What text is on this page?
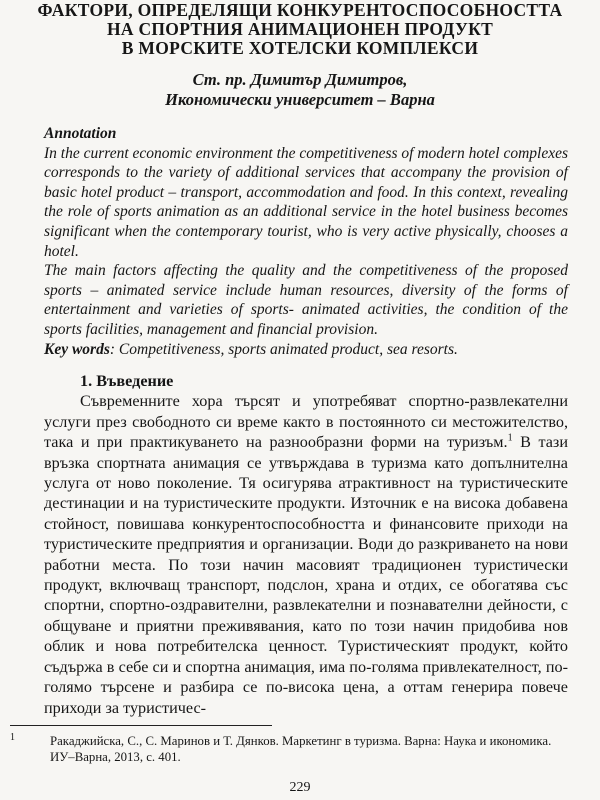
ФАКТОРИ, ОПРЕДЕЛЯЩИ КОНКУРЕНТОСПОСОБНОСТТА
НА СПОРТНИЯ АНИМАЦИОНЕН ПРОДУКТ
В МОРСКИТЕ ХОТЕЛСКИ КОМПЛЕКСИ
Ст. пр. Димитър Димитров,
Икономически университет – Варна

Annotation

In the current economic environment the competitiveness of modern hotel complexes corresponds to the variety of additional services that accompany the provision of basic hotel product – transport, accommodation and food. In this context, revealing the role of sports animation as an additional service in the hotel business becomes significant when the contemporary tourist, who is very active physically, chooses a hotel.

The main factors affecting the quality and the competitiveness of the proposed sports – animated service include human resources, diversity of the forms of entertainment and varieties of sports- animated activities, the condition of the sports facilities, management and financial provision.

Key words: Competitiveness, sports animated product, sea resorts.

1. Въведение

Съвременните хора търсят и употребяват спортно-развлекателни услуги през свободното си време както в постоянното си местожителство, така и при практикуването на разнообразни форми на туризъм.$^1$ В тази връзка спортната анимация се утвърждава в туризма като допълнителна услуга от ново поколение. Тя осигурява атрактивност на туристическите дестинации и на туристическите продукти. Източник е на висока добавена стойност, повишава конкурентоспособността и финансовите приходи на туристическите предприятия и организации. Води до разкриването на нови работни места. По този начин масовият традиционен туристически продукт, включващ транспорт, подслон, храна и отдих, се обогатява със спортни, спортно-оздравителни, развлекателни и познавателни дейности, с общуване и приятни преживявания, като по този начин придобива нов облик и нова потребителска ценност. Туристическият продукт, който съдържа в себе си и спортна анимация, има по-голяма привлекателност, по-голямо търсене и разбира се по-висока цена, а оттам генерира повече приходи за туристичес-

1	Ракаджийска, С., С. Маринов и Т. Дянков. Маркетинг в туризма. Варна: Наука и икономика. ИУ–Варна, 2013, с. 401.
229
